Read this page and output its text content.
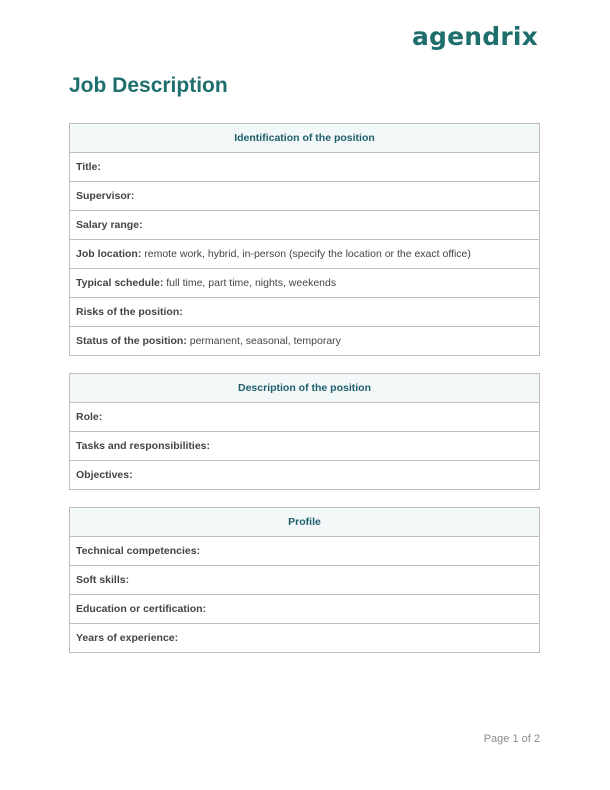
agendrix
Job Description
Identification of the position
Title:
Supervisor:
Salary range:
Job location: remote work, hybrid, in-person (specify the location or the exact office)
Typical schedule: full time, part time, nights, weekends
Risks of the position:
Status of the position: permanent, seasonal, temporary
Description of the position
Role:
Tasks and responsibilities:
Objectives:
Profile
Technical competencies:
Soft skills:
Education or certification:
Years of experience:
Page 1 of 2
